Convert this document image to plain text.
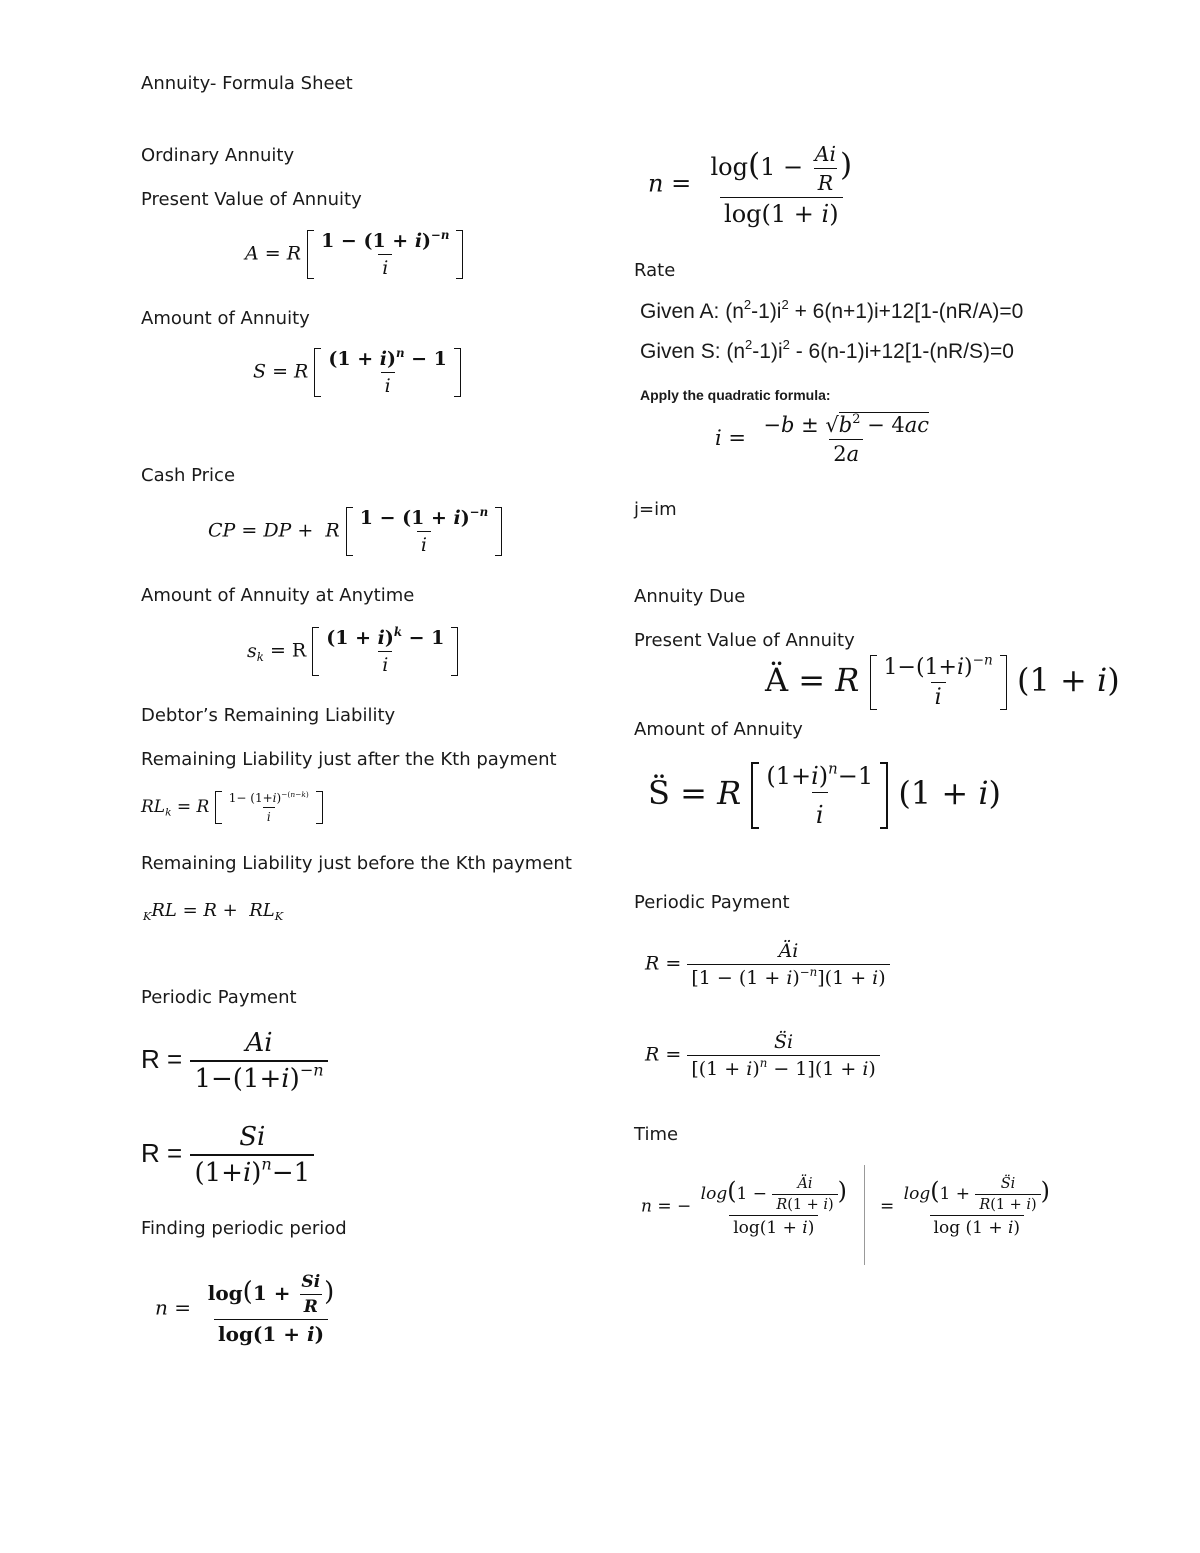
Annuity- Formula Sheet
Ordinary Annuity
Present Value of Annuity
A = R $\frac{1 - (1 + i)^{-n}}{i}$
Amount of Annuity
S = R $\frac{(1 + i)^n - 1}{i}$
Cash Price
CP = DP +  R $\frac{1 - (1 + i)^{-n}}{i}$
Amount of Annuity at Anytime
$s_k = R \frac{(1 + i)^k - 1}{i}$
Debtor’s Remaining Liability
Remaining Liability just after the Kth payment
$RL_k = R \frac{1- (1+i)^{-(n-k)}}{i}$
Remaining Liability just before the Kth payment
$_KRL = R + RL_K$
Periodic Payment
$R = \frac{Ai}{1-(1+i)^{-n}}$
$R = \frac{Si}{(1+i)^n-1}$
Finding periodic period
$n = \frac{\log(1 + \frac{Si}{R} )}{\log(1 + i)}$
$n = \frac{\log(1 - \frac{Ai}{R} )}{\log(1 + i)}$
Rate
Given A: $(n^2-1)i^2 + 6(n+1)i+12[1-(nR/A)=0$
Given S: $(n^2-1)i^2 - 6(n-1)i+12[1-(nR/S)=0$
Apply the quadratic formula:
$i = \frac{-b \pm √b^2 - 4ac}{2a}$
j=im
Annuity Due
Present Value of Annuity
Ä = R $\frac{1-(1+i)^{-n}}{i} (1 + i)$
Amount of Annuity
S̈ = R $\frac{(1+i)^n-1}{i} (1 + i)$
Periodic Payment
$R = \frac{Äi}{[1 - (1 + i)^{-n}](1 + i)}$
$R = \frac{S̈i}{[(1 + i)^n - 1](1 + i)}$
Time
n = − $\frac{\log(1 - \frac{Äi}{R(1 + i)} )}{\log(1 + i)} = \frac{\log(1 + \frac{S̈i}{R(1 + i)} )}{\log (1 + i)}$
